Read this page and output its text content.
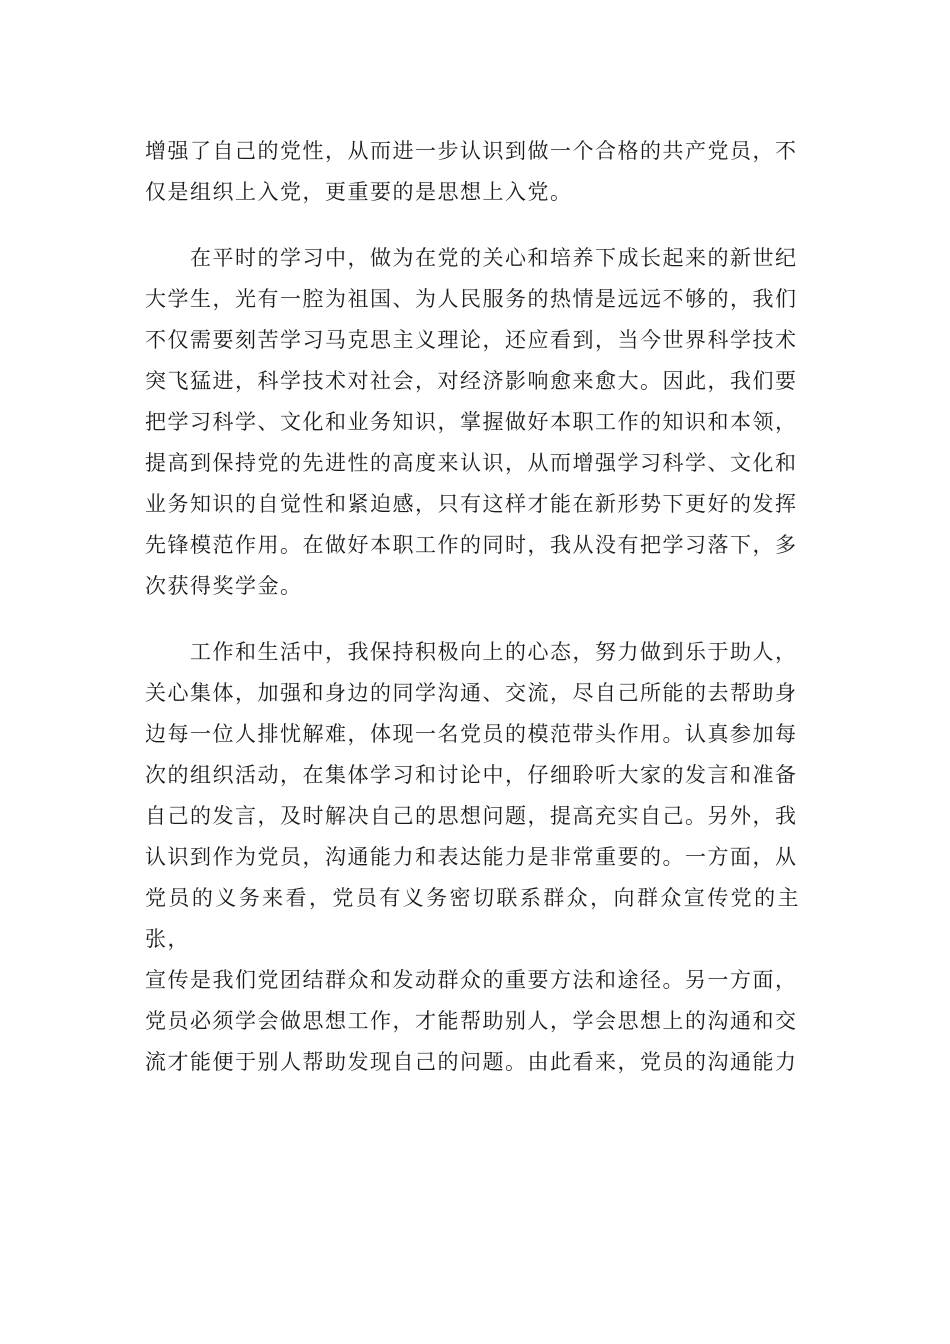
增强了自己的党性，从而进一步认识到做一个合格的共产党员，不
仅是组织上入党，更重要的是思想上入党。

　　在平时的学习中，做为在党的关心和培养下成长起来的新世纪
大学生，光有一腔为祖国、为人民服务的热情是远远不够的，我们
不仅需要刻苦学习马克思主义理论，还应看到，当今世界科学技术
突飞猛进，科学技术对社会，对经济影响愈来愈大。因此，我们要
把学习科学、文化和业务知识，掌握做好本职工作的知识和本领，
提高到保持党的先进性的高度来认识，从而增强学习科学、文化和
业务知识的自觉性和紧迫感，只有这样才能在新形势下更好的发挥
先锋模范作用。在做好本职工作的同时，我从没有把学习落下，多
次获得奖学金。

　　工作和生活中，我保持积极向上的心态，努力做到乐于助人，
关心集体，加强和身边的同学沟通、交流，尽自己所能的去帮助身
边每一位人排忧解难，体现一名党员的模范带头作用。认真参加每
次的组织活动，在集体学习和讨论中，仔细聆听大家的发言和准备
自己的发言，及时解决自己的思想问题，提高充实自己。另外，我
认识到作为党员，沟通能力和表达能力是非常重要的。一方面，从
党员的义务来看，党员有义务密切联系群众，向群众宣传党的主张，
宣传是我们党团结群众和发动群众的重要方法和途径。另一方面，
党员必须学会做思想工作，才能帮助别人，学会思想上的沟通和交
流才能便于别人帮助发现自己的问题。由此看来，党员的沟通能力
